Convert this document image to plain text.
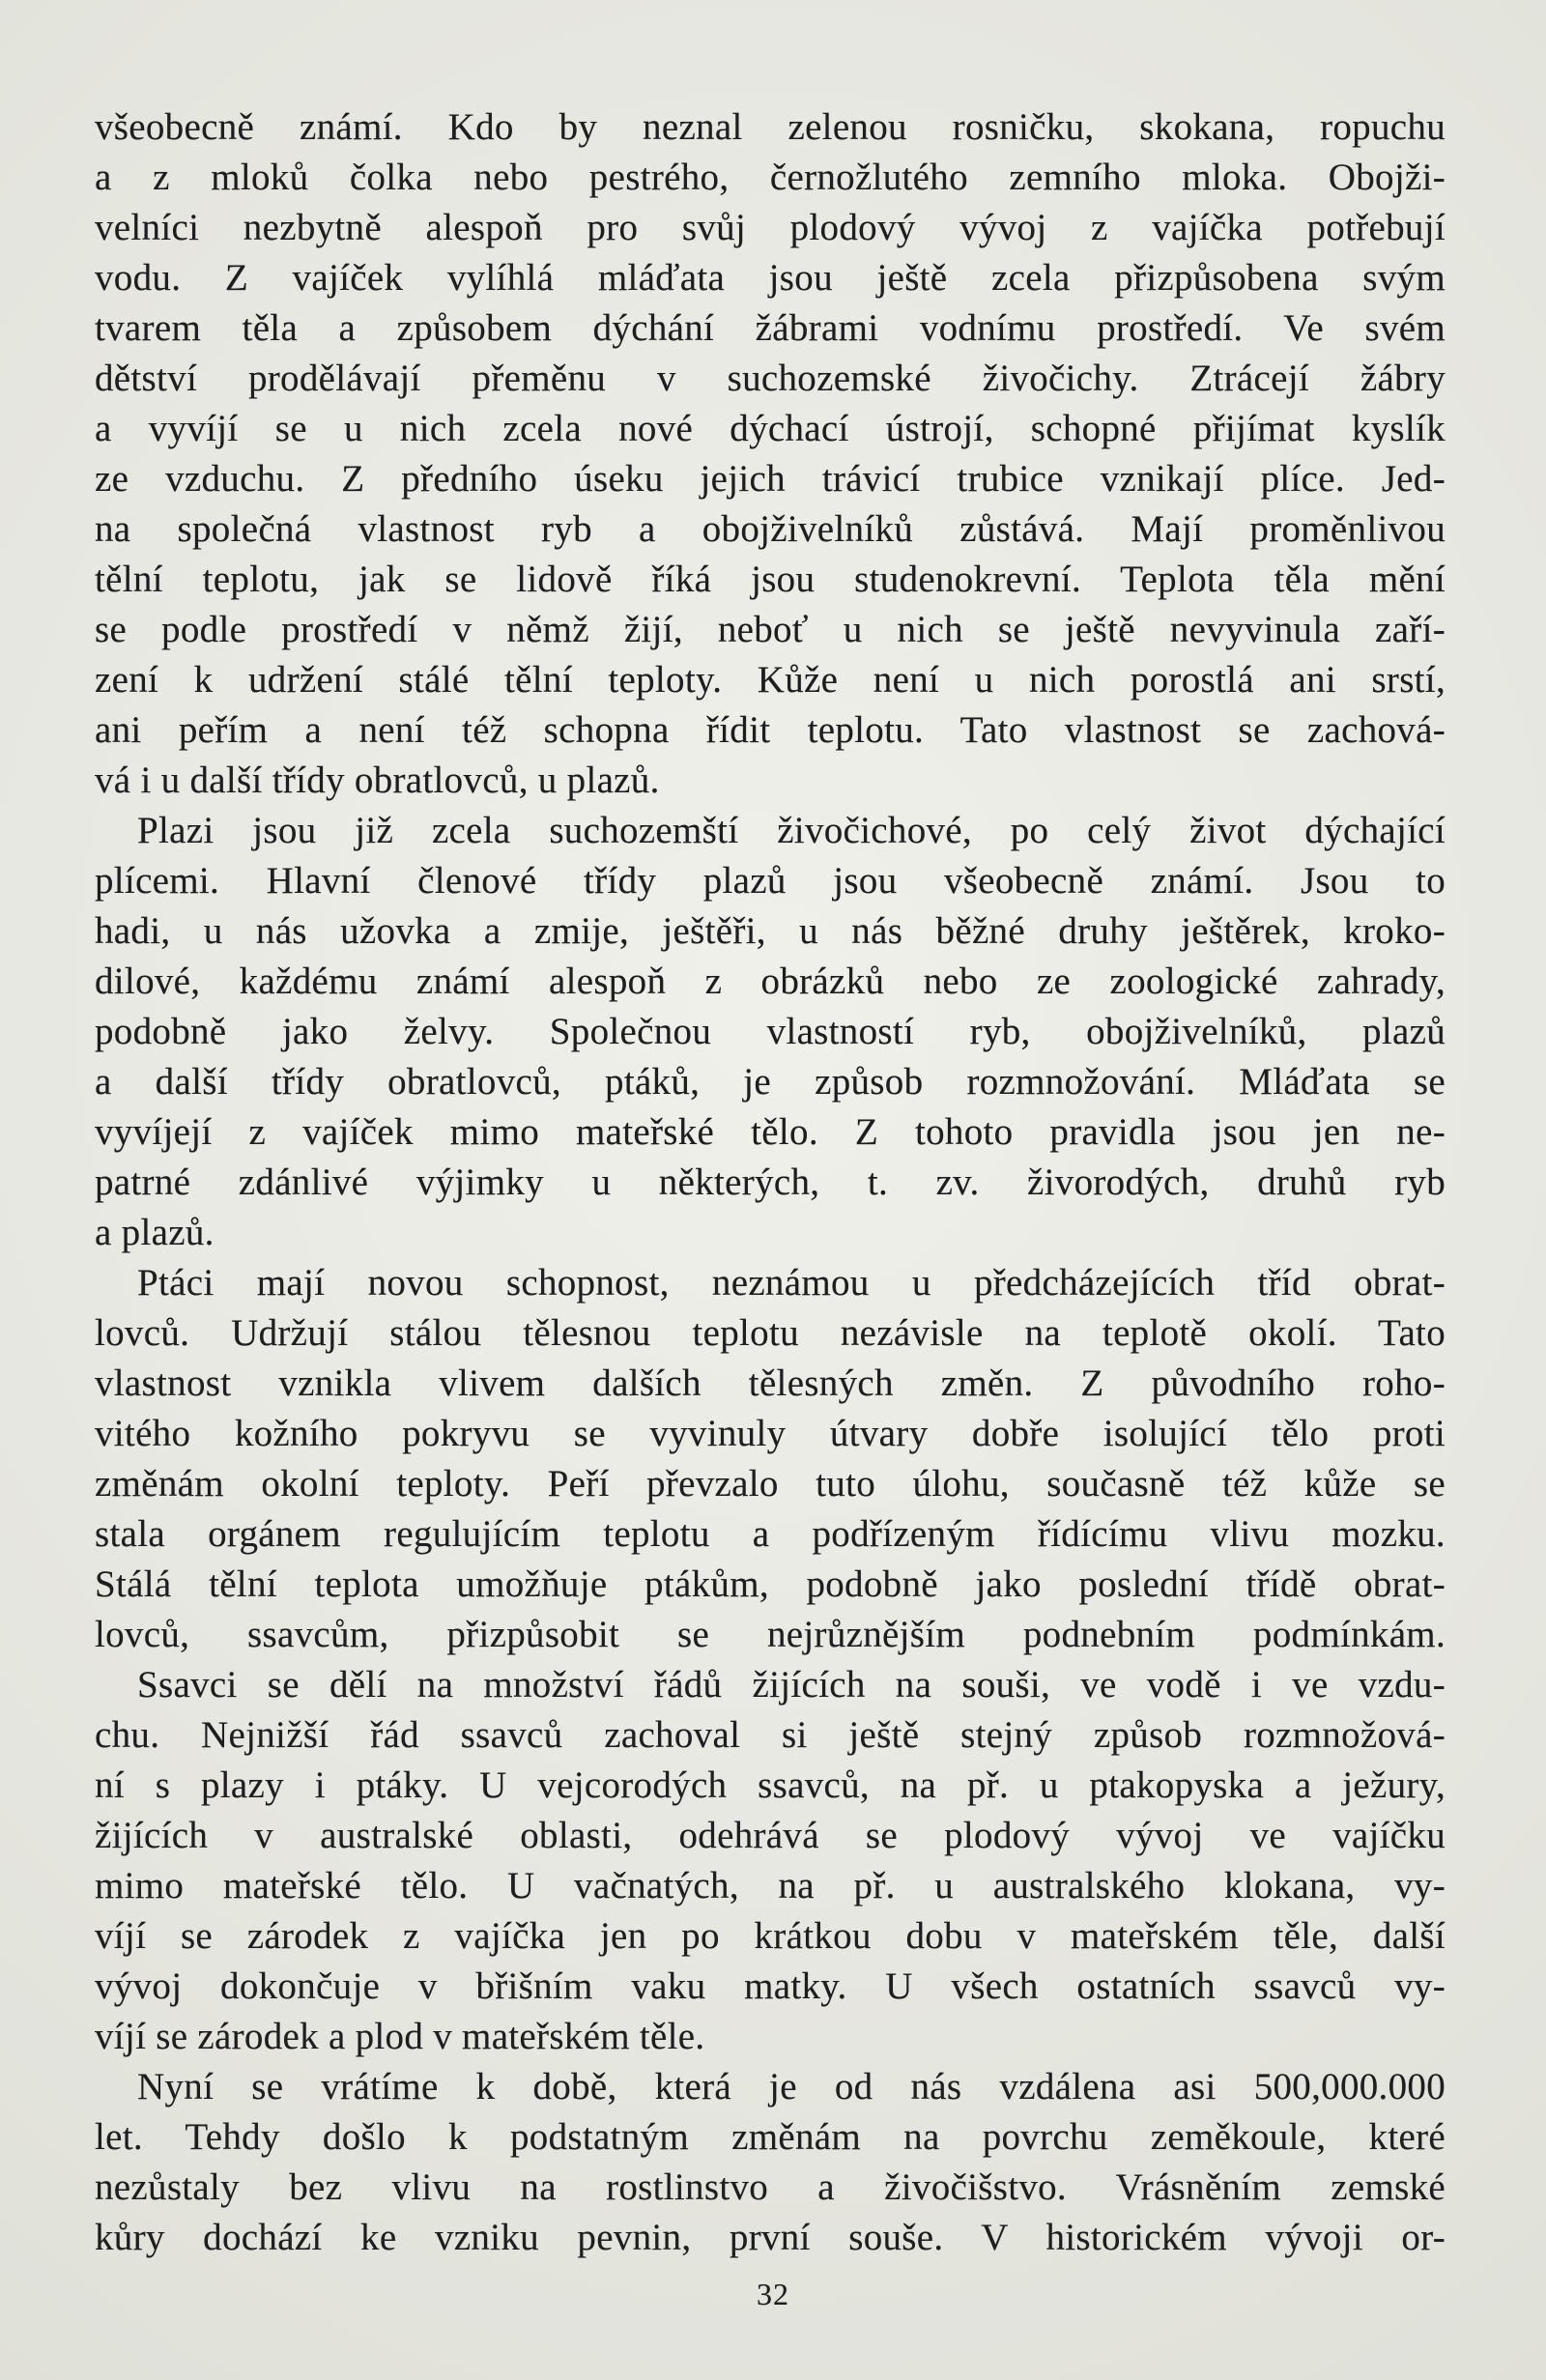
všeobecně známí. Kdo by neznal zelenou rosničku, skokana, ropuchu
a z mloků čolka nebo pestrého, černožlutého zemního mloka. Obojži-
velníci nezbytně alespoň pro svůj plodový vývoj z vajíčka potřebují
vodu. Z vajíček vylíhlá mláďata jsou ještě zcela přizpůsobena svým
tvarem těla a způsobem dýchání žábrami vodnímu prostředí. Ve svém
dětství prodělávají přeměnu v suchozemské živočichy. Ztrácejí žábry
a vyvíjí se u nich zcela nové dýchací ústrojí, schopné přijímat kyslík
ze vzduchu. Z předního úseku jejich trávicí trubice vznikají plíce. Jed-
na společná vlastnost ryb a obojživelníků zůstává. Mají proměnlivou
tělní teplotu, jak se lidově říká jsou studenokrevní. Teplota těla mění
se podle prostředí v němž žijí, neboť u nich se ještě nevyvinula zaří-
zení k udržení stálé tělní teploty. Kůže není u nich porostlá ani srstí,
ani peřím a není též schopna řídit teplotu. Tato vlastnost se zachová-
vá i u další třídy obratlovců, u plazů.
Plazi jsou již zcela suchozemští živočichové, po celý život dýchající
plícemi. Hlavní členové třídy plazů jsou všeobecně známí. Jsou to
hadi, u nás užovka a zmije, ještěři, u nás běžné druhy ještěrek, kroko-
dilové, každému známí alespoň z obrázků nebo ze zoologické zahrady,
podobně jako želvy. Společnou vlastností ryb, obojživelníků, plazů
a další třídy obratlovců, ptáků, je způsob rozmnožování. Mláďata se
vyvíjejí z vajíček mimo mateřské tělo. Z tohoto pravidla jsou jen ne-
patrné zdánlivé výjimky u některých, t. zv. živorodých, druhů ryb
a plazů.
Ptáci mají novou schopnost, neznámou u předcházejících tříd obrat-
lovců. Udržují stálou tělesnou teplotu nezávisle na teplotě okolí. Tato
vlastnost vznikla vlivem dalších tělesných změn. Z původního roho-
vitého kožního pokryvu se vyvinuly útvary dobře isolující tělo proti
změnám okolní teploty. Peří převzalo tuto úlohu, současně též kůže se
stala orgánem regulujícím teplotu a podřízeným řídícímu vlivu mozku.
Stálá tělní teplota umožňuje ptákům, podobně jako poslední třídě obrat-
lovců, ssavcům, přizpůsobit se nejrůznějším podnebním podmínkám.
Ssavci se dělí na množství řádů žijících na souši, ve vodě i ve vzdu-
chu. Nejnižší řád ssavců zachoval si ještě stejný způsob rozmnožová-
ní s plazy i ptáky. U vejcorodých ssavců, na př. u ptakopyska a ježury,
žijících v australské oblasti, odehrává se plodový vývoj ve vajíčku
mimo mateřské tělo. U vačnatých, na př. u australského klokana, vy-
víjí se zárodek z vajíčka jen po krátkou dobu v mateřském těle, další
vývoj dokončuje v břišním vaku matky. U všech ostatních ssavců vy-
víjí se zárodek a plod v mateřském těle.
Nyní se vrátíme k době, která je od nás vzdálena asi 500,000.000
let. Tehdy došlo k podstatným změnám na povrchu zeměkoule, které
nezůstaly bez vlivu na rostlinstvo a živočišstvo. Vrásněním zemské
kůry dochází ke vzniku pevnin, první souše. V historickém vývoji or-
32
